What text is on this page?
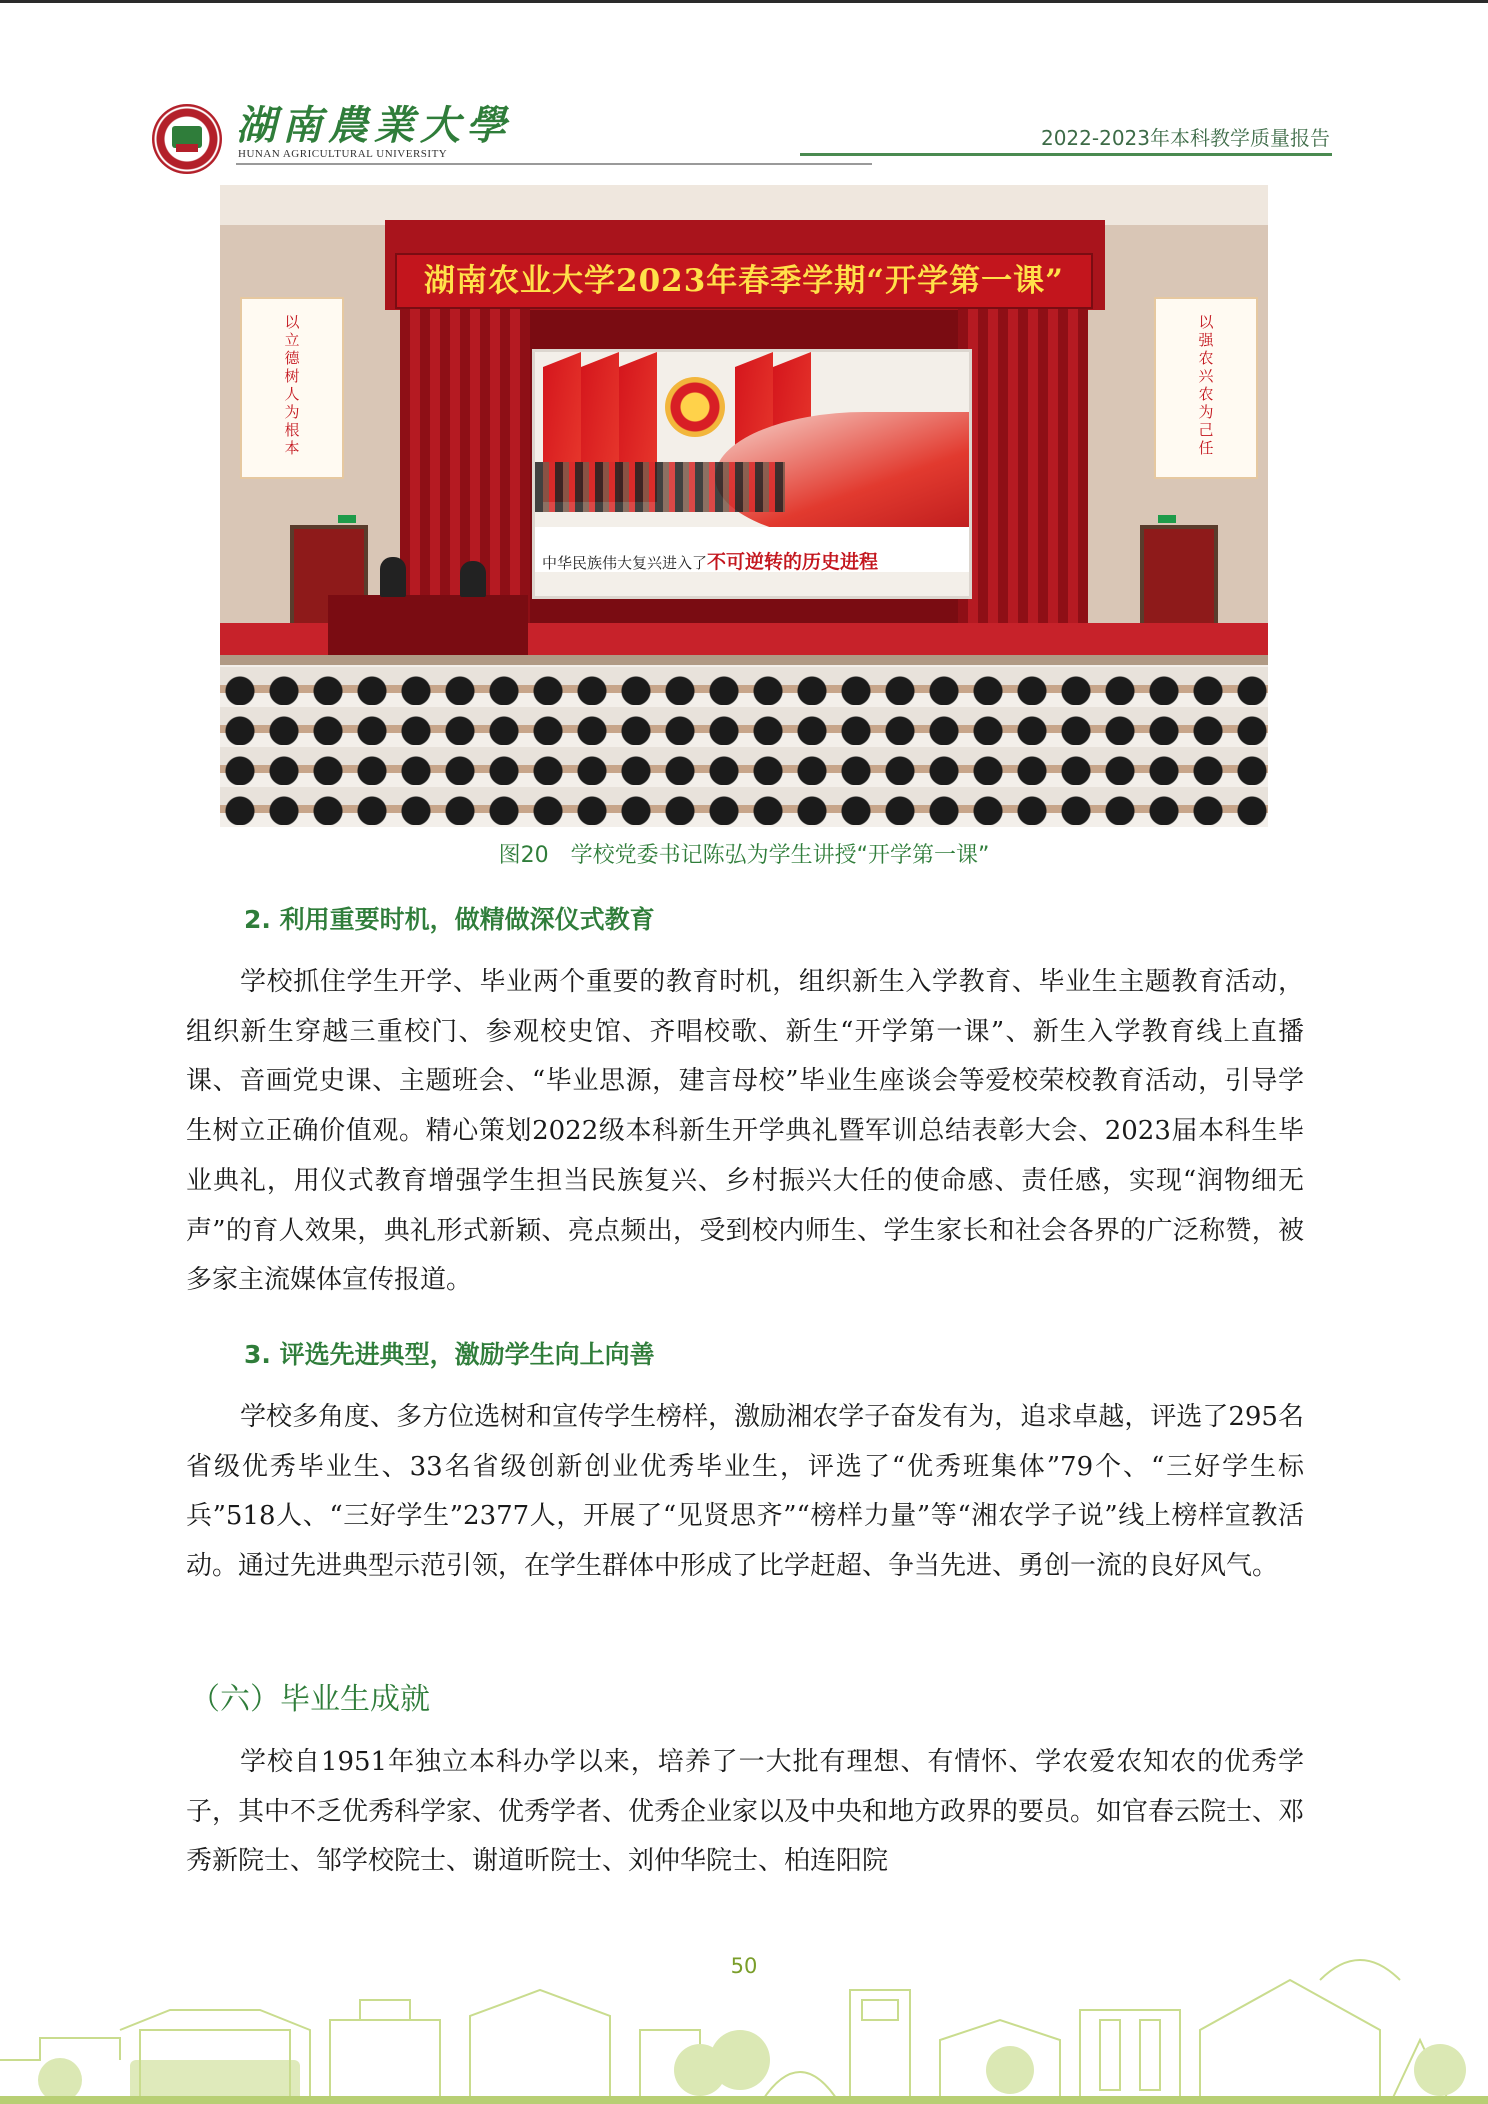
湖南農業大學
HUNAN AGRICULTURAL UNIVERSITY
2022-2023年本科教学质量报告
湖南农业大学2023年春季学期“开学第一课”
中华民族伟大复兴进入了不可逆转的历史进程
以立德树人为根本
以强农兴农为己任
图20　学校党委书记陈弘为学生讲授“开学第一课”
2. 利用重要时机，做精做深仪式教育
学校抓住学生开学、毕业两个重要的教育时机，组织新生入学教育、毕业生主题教育活动，组织新生穿越三重校门、参观校史馆、齐唱校歌、新生“开学第一课”、新生入学教育线上直播课、音画党史课、主题班会、“毕业思源，建言母校”毕业生座谈会等爱校荣校教育活动，引导学生树立正确价值观。精心策划2022级本科新生开学典礼暨军训总结表彰大会、2023届本科生毕业典礼，用仪式教育增强学生担当民族复兴、乡村振兴大任的使命感、责任感，实现“润物细无声”的育人效果，典礼形式新颖、亮点频出，受到校内师生、学生家长和社会各界的广泛称赞，被多家主流媒体宣传报道。
3. 评选先进典型，激励学生向上向善
学校多角度、多方位选树和宣传学生榜样，激励湘农学子奋发有为，追求卓越，评选了295名省级优秀毕业生、33名省级创新创业优秀毕业生，评选了“优秀班集体”79个、“三好学生标兵”518人、“三好学生”2377人，开展了“见贤思齐”“榜样力量”等“湘农学子说”线上榜样宣教活动。通过先进典型示范引领，在学生群体中形成了比学赶超、争当先进、勇创一流的良好风气。
（六）毕业生成就
学校自1951年独立本科办学以来，培养了一大批有理想、有情怀、学农爱农知农的优秀学子，其中不乏优秀科学家、优秀学者、优秀企业家以及中央和地方政界的要员。如官春云院士、邓秀新院士、邹学校院士、谢道昕院士、刘仲华院士、柏连阳院
50
